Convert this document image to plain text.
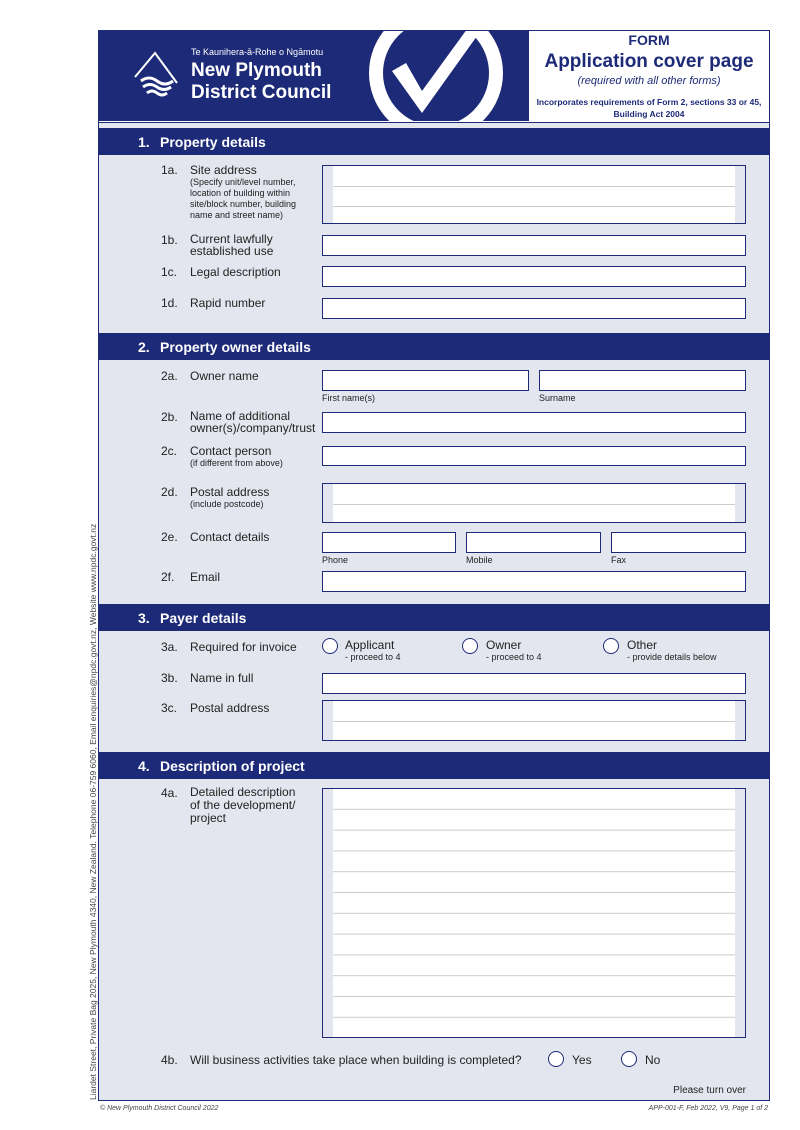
Te Kaunihera-ā-Rohe o Ngāmotu
New Plymouth
District Council
FORM
Application cover page
(required with all other forms)
Incorporates requirements of Form 2, sections 33 or 45,
Building Act 2004
1. Property details
2. Property owner details
3. Payer details
4. Description of project
1a. Site address
(Specify unit/level number,
location of building within
site/block number, building
name and street name)
1b. Current lawfully
established use
1c. Legal description
1d. Rapid number
2a. Owner name
First name(s)	Surname
2b. Name of additional
owner(s)/company/trust
2c. Contact person
(if different from above)
2d. Postal address
(include postcode)
2e. Contact details
Phone	Mobile	Fax
2f. Email
3a. Required for invoice	Applicant
- proceed to 4
Owner
- proceed to 4
Other
- provide details below
3b. Name in full
3c. Postal address
4a. Detailed description
of the development/
project
4b. Will business activities take place when building is completed?	Yes	No
Please turn over
Liardet Street, Private Bag 2025, New Plymouth 4340, New Zealand. Telephone 06-759 6060, Email enquiries@npdc.govt.nz, Website www.npdc.govt.nz
© New Plymouth District Council 2022	APP-001-F, Feb 2022, V9, Page 1 of 2
